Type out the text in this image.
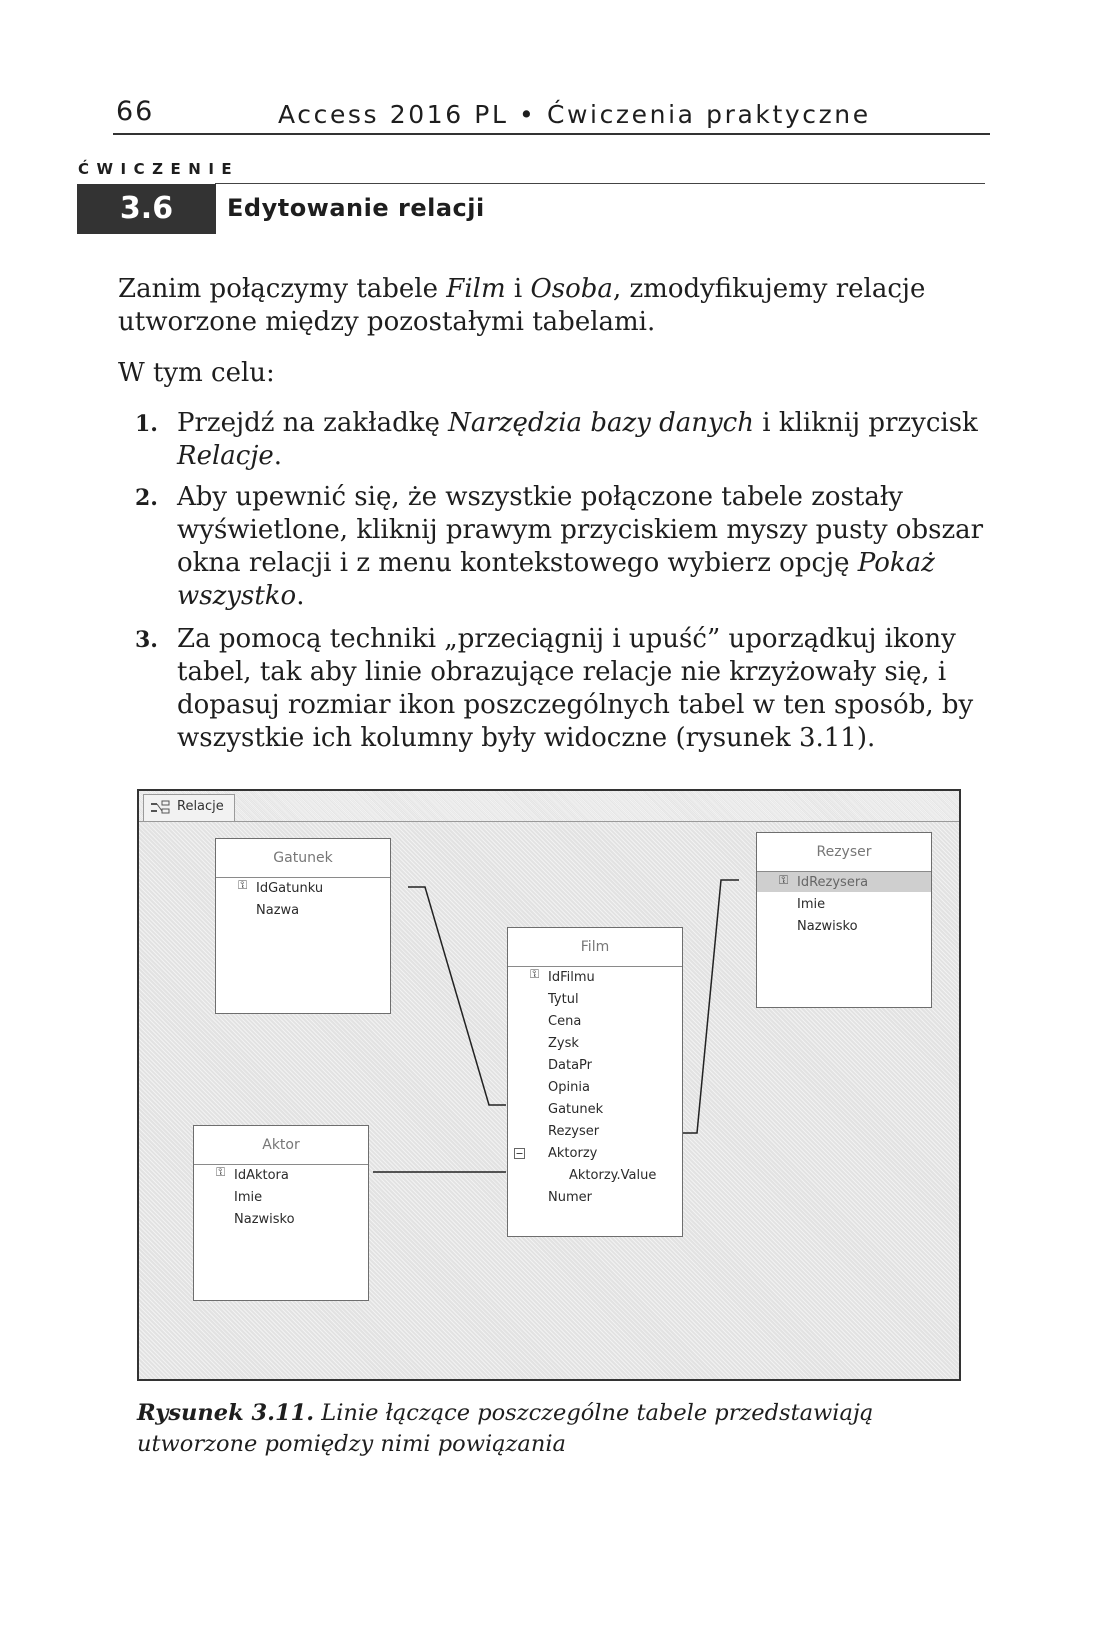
66	Access 2016 PL • Ćwiczenia praktyczne
ĆWICZENIE
3.6	Edytowanie relacji
Zanim połączymy tabele Film i Osoba, zmodyfikujemy relacje utworzone między pozostałymi tabelami.
W tym celu:
1. Przejdź na zakładkę Narzędzia bazy danych i kliknij przycisk Relacje.
2. Aby upewnić się, że wszystkie połączone tabele zostały wyświetlone, kliknij prawym przyciskiem myszy pusty obszar okna relacji i z menu kontekstowego wybierz opcję Pokaż wszystko.
3. Za pomocą techniki „przeciągnij i upuść” uporządkuj ikony tabel, tak aby linie obrazujące relacje nie krzyżowały się, i dopasuj rozmiar ikon poszczególnych tabel w ten sposób, by wszystkie ich kolumny były widoczne (rysunek 3.11).
Relacje
Gatunek
⚿ IdGatunku
Nazwa
Rezyser
⚿ IdRezysera
Imie
Nazwisko
Film
⚿ IdFilmu
Tytul
Cena
Zysk
DataPr
Opinia
Gatunek
Rezyser
Aktorzy
Aktorzy.Value
Numer
Aktor
⚿ IdAktora
Imie
Nazwisko
Rysunek 3.11. Linie łączące poszczególne tabele przedstawiają utworzone pomiędzy nimi powiązania
